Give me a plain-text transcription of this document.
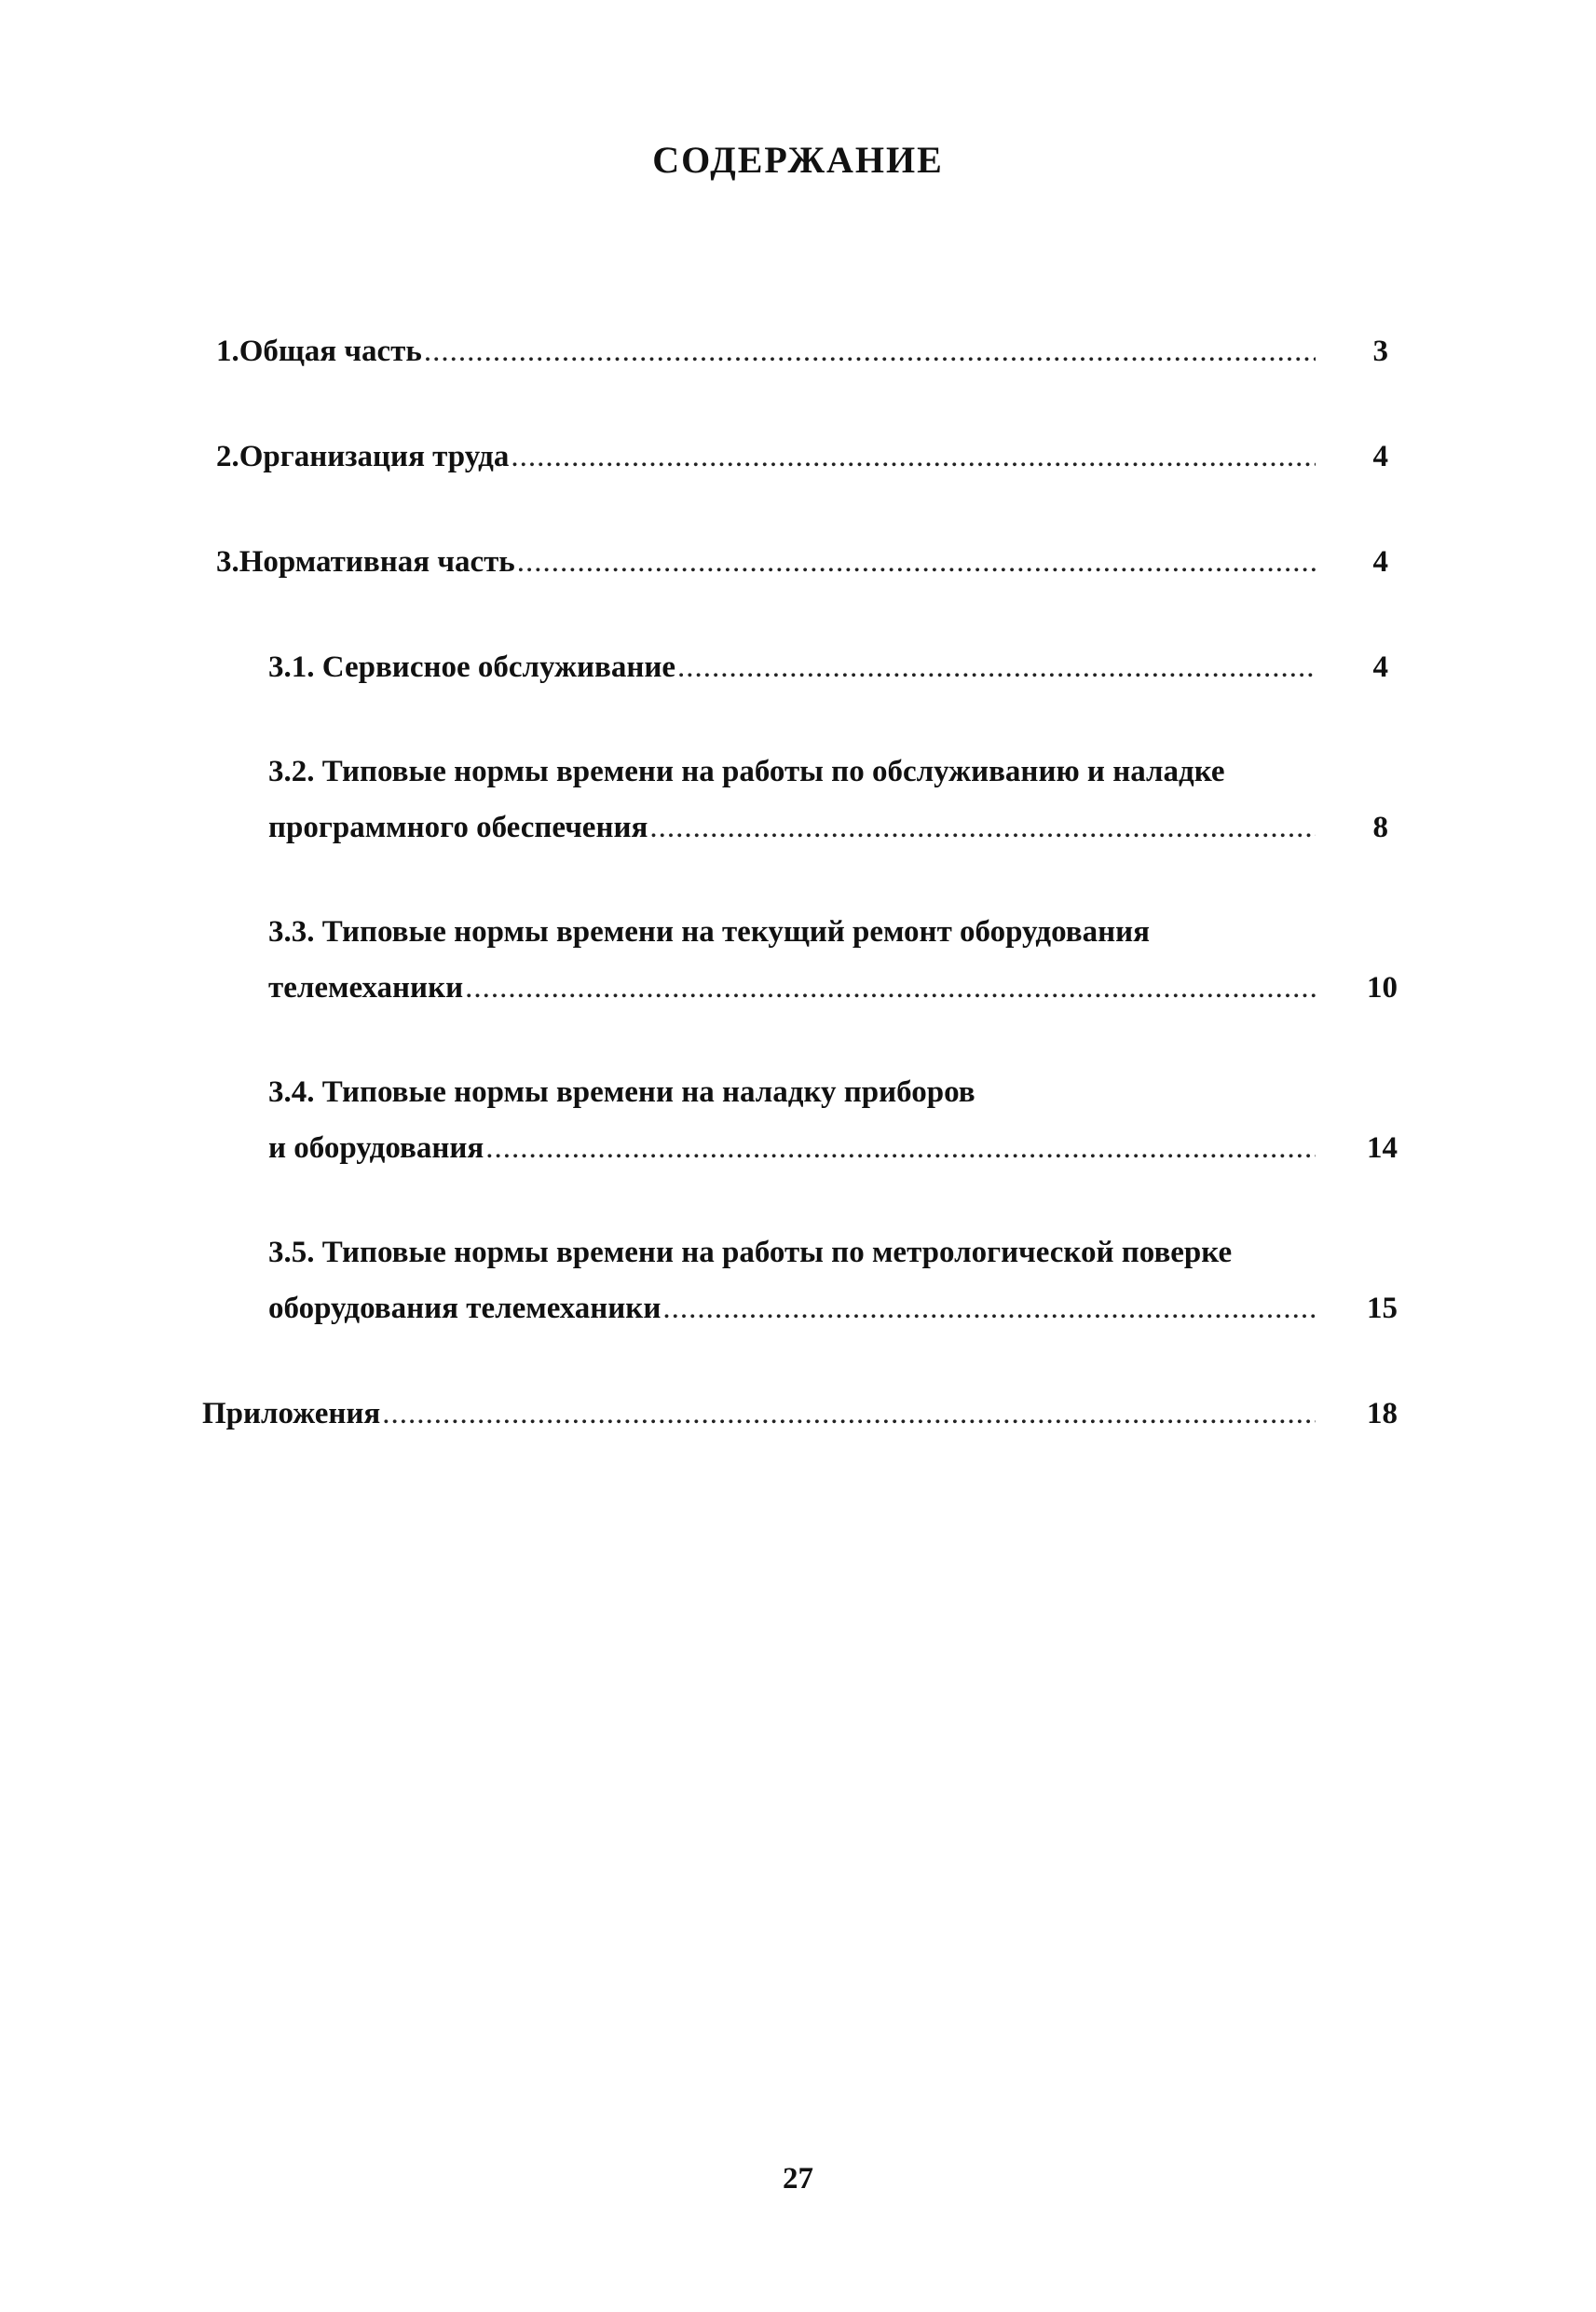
СОДЕРЖАНИЕ
1. Общая часть .....	3
2. Организация труда .....	4
3. Нормативная часть .....	4
3.1. Сервисное обслуживание .....	4
3.2. Типовые нормы времени на работы по обслуживанию и наладке
программного обеспечения .....	8
3.3. Типовые нормы времени на текущий ремонт оборудования
телемеханики .....	10
3.4. Типовые нормы времени на наладку приборов
и оборудования .....	14
3.5. Типовые нормы времени на работы по метрологической поверке
оборудования телемеханики .....	15
Приложения .....	18
27
